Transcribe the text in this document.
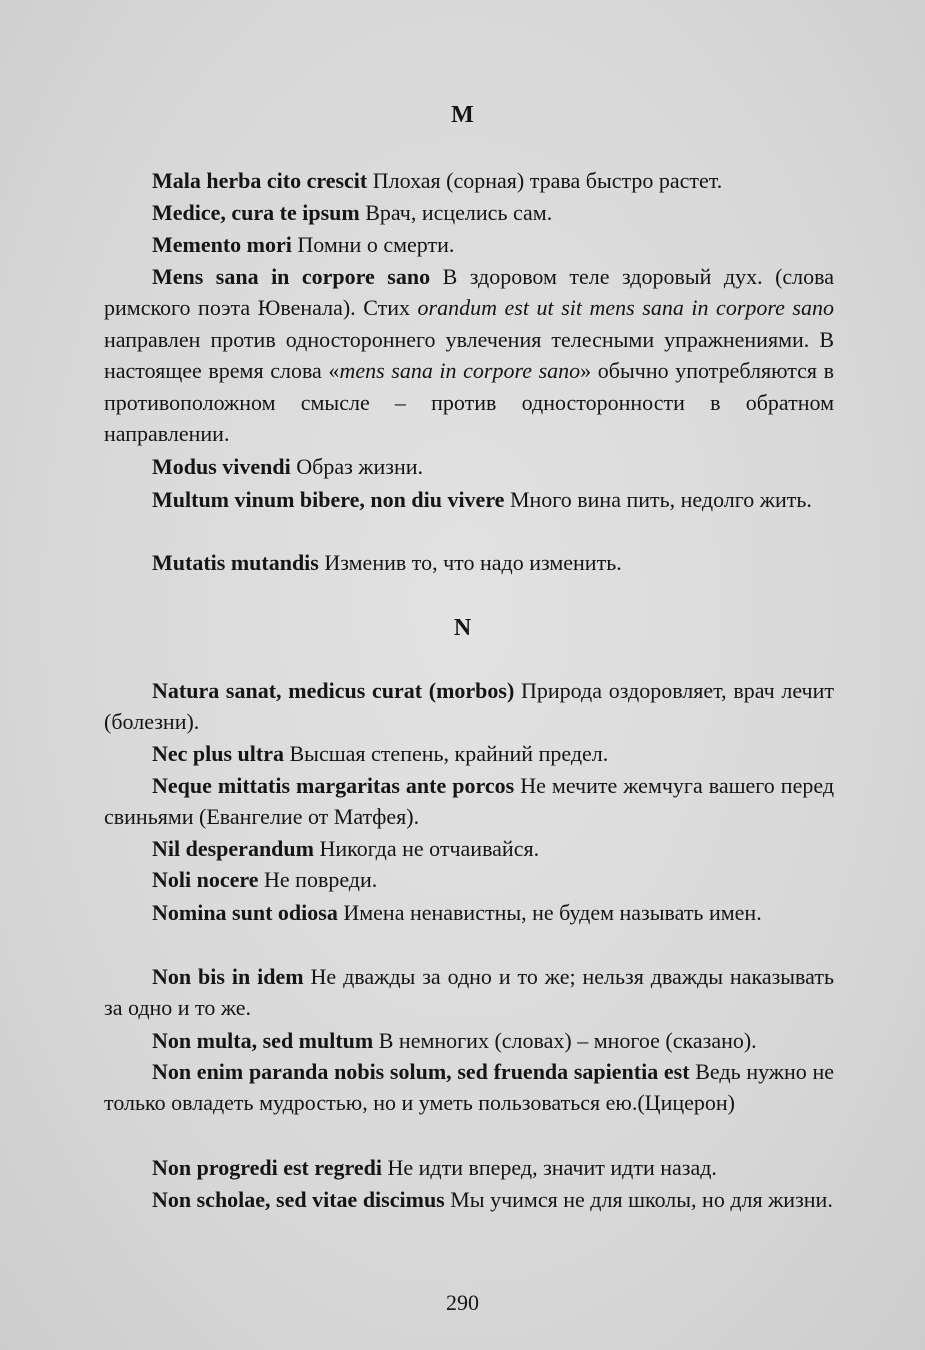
M

Mala herba cito crescit Плохая (сорная) трава быстро растет.

Medice, cura te ipsum Врач, исцелись сам.

Memento mori Помни о смерти.

Mens sana in corpore sano В здоровом теле здоровый дух. (слова римского поэта Ювенала). Стих orandum est ut sit mens sana in corpore sano направлен против одностороннего увлечения телесными упражнениями. В настоящее время слова «mens sana in corpore sano» обычно употребляются в противоположном смысле – против односторонности в обратном направлении.

Modus vivendi Образ жизни.

Multum vinum bibere, non diu vivere Много вина пить, недолго жить.

Mutatis mutandis Изменив то, что надо изменить.

N

Natura sanat, medicus curat (morbos) Природа оздоровляет, врач лечит (болезни).

Nec plus ultra Высшая степень, крайний предел.

Neque mittatis margaritas ante porcos Не мечите жемчуга вашего перед свиньями (Евангелие от Матфея).

Nil desperandum Никогда не отчаивайся.

Noli nocere Не повреди.

Nomina sunt odiosa Имена ненавистны, не будем называть имен.

Non bis in idem Не дважды за одно и то же; нельзя дважды наказывать за одно и то же.

Non multa, sed multum В немногих (словах) – многое (сказано).

Non enim paranda nobis solum, sed fruenda sapientia est Ведь нужно не только овладеть мудростью, но и уметь пользоваться ею.(Цицерон)

Non progredi est regredi Не идти вперед, значит идти назад.

Non scholae, sed vitae discimus Мы учимся не для школы, но для жизни.

290
